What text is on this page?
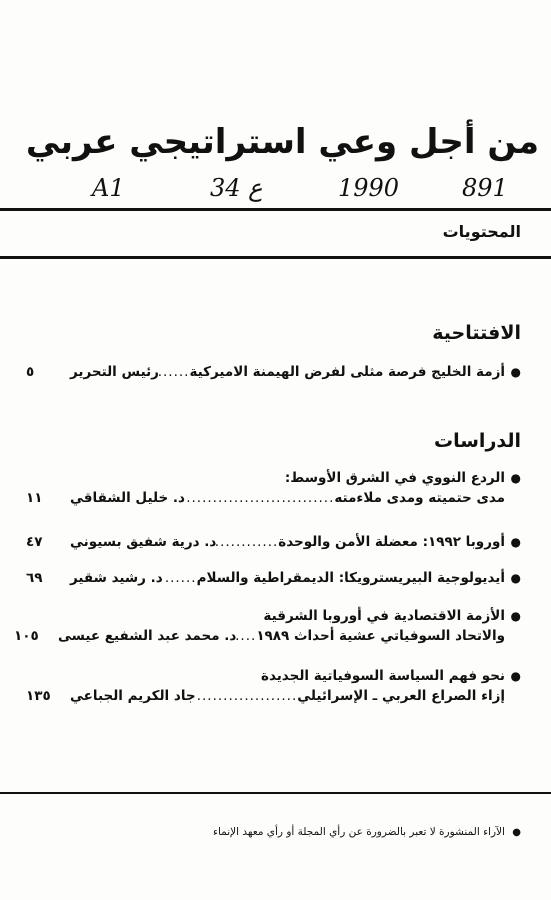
من أجل وعي استراتيجي عربي
A1	34 ع	1990	891
المحتويات
الافتتاحية
●
أزمة الخليج فرصة مثلى لفرض الهيمنة الاميركية
.....
رئيس التحرير
٥
الدراسات
●
الردع النووي في الشرق الأوسط:
مدى حتميته ومدى ملاءمته
.....
د. خليل الشقاقي
١١
●
أوروبا ١٩٩٢: معضلة الأمن والوحدة
.....
د. درية شفيق بسيوني
٤٧
●
أيديولوجية البيريسترويكا: الديمقراطية والسلام
.....
د. رشيد شقير
٦٩
●
الأزمة الاقتصادية في أوروبا الشرقية
والاتحاد السوفياتي عشية أحداث ١٩٨٩
.....
د. محمد عبد الشفيع عيسى
١٠٥
●
نحو فهم السياسة السوفياتية الجديدة
إزاء الصراع العربي ـ الإسرائيلي
.....
جاد الكريم الجباعي
١٣٥
● الآراء المنشورة لا تعبر بالضرورة عن رأي المجلة أو رأي معهد الإنماء
